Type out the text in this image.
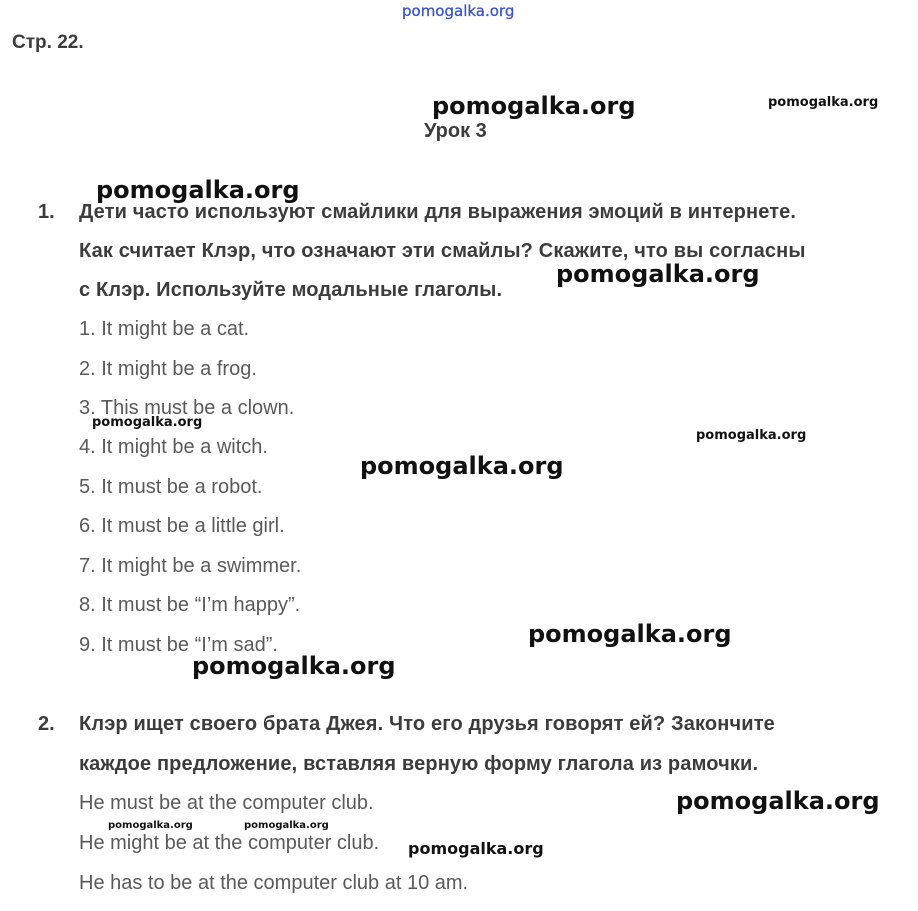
pomogalka.org
Стр. 22.
pomogalka.org	pomogalka.org
Урок 3
1. Дети часто используют смайлики для выражения эмоций в интернете.
Как считает Клэр, что означают эти смайлы? Скажите, что вы согласны
с Клэр. Используйте модальные глаголы.
pomogalka.org
pomogalka.org
1. It might be a cat.
2. It might be a frog.
3. This must be a clown.
4. It might be a witch.
5. It must be a robot.
6. It must be a little girl.
7. It might be a swimmer.
8. It must be “I’m happy”.
9. It must be “I’m sad”.
pomogalka.org
pomogalka.org
pomogalka.org
pomogalka.org
pomogalka.org
2. Клэр ищет своего брата Джея. Что его друзья говорят ей? Закончите
каждое предложение, вставляя верную форму глагола из рамочки.
He must be at the computer club.
He might be at the computer club.
He has to be at the computer club at 10 am.
pomogalka.org
pomogalka.org	pomogalka.org
pomogalka.org
